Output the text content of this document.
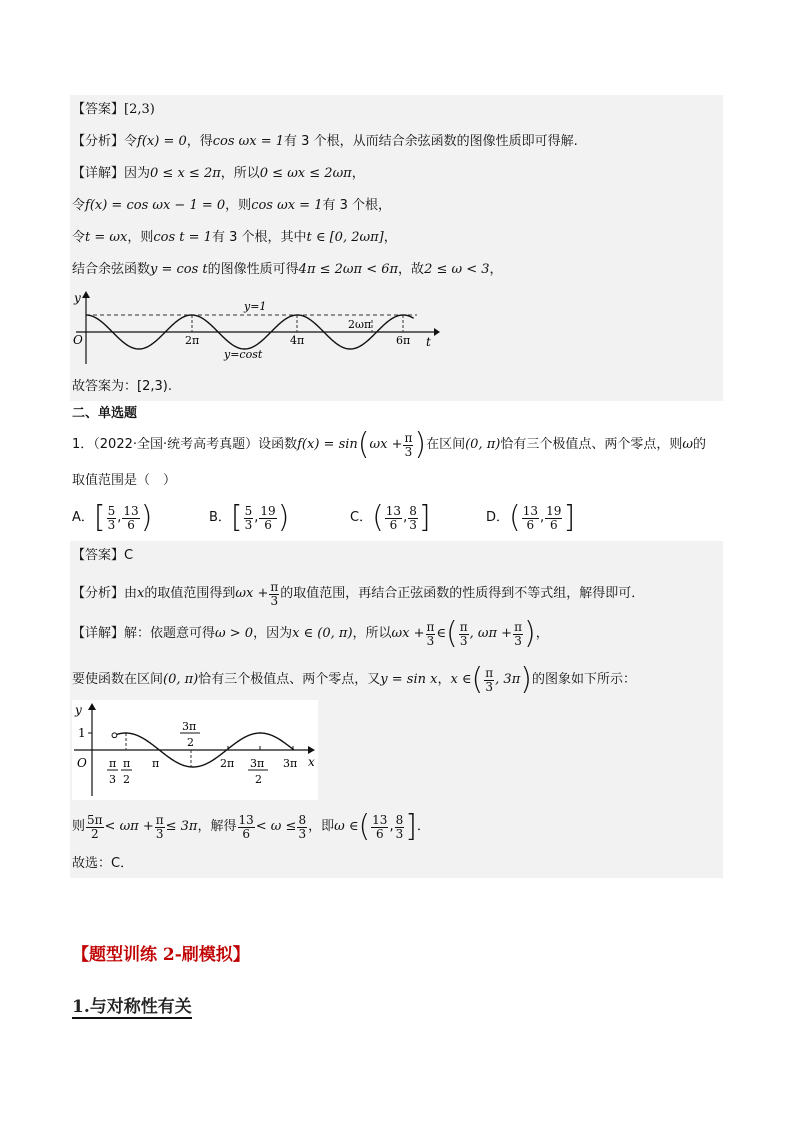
【答案】 [2,3)
【分析】 令 f(x) = 0 ，得 cos ωx = 1 有 3 个根，从而结合余弦函数的图像性质即可得解.
【详解】 因为 0 ≤ x ≤ 2π ，所以 0 ≤ ωx ≤ 2ωπ ，
令 f(x) = cos ωx − 1 = 0 ，则 cos ωx = 1 有 3 个根，
令 t = ωx ，则 cos t = 1 有 3 个根，其中 t ∈ [0, 2ωπ] ，
结合余弦函数 y = cos t 的图像性质可得 4π ≤ 2ωπ < 6π ，故 2 ≤ ω < 3 ，
y
t
O
y=1
2ωπ
2π	4π	6π
y=cost
故答案为：[2,3).
二、单选题
1．（2022·全国·统考高考真题）设函数 f(x) = sin ( $\omega x + \frac{\pi}{3}$ ) 在区间 (0, π) 恰有三个极值点、两个零点，则 ω 的
取值范围是（　）
A． [ $\frac{5}{3}$ , $\frac{13}{6}$ )	B． [ $\frac{5}{3}$ , $\frac{19}{6}$ )	C． ( $\frac{13}{6}$ , $\frac{8}{3}$ ]	D． ( $\frac{13}{6}$ , $\frac{19}{6}$ ]
【答案】 C
【分析】 由 x 的取值范围得到 $\omega x + \frac{\pi}{3}$ 的取值范围，再结合正弦函数的性质得到不等式组，解得即可．
【详解】 解：依题意可得 ω > 0 ，因为 x ∈ (0, π) ，所以 $\omega x + \frac{\pi}{3}$ ∈ ( $\frac{\pi}{3}$ , $\omega\pi + \frac{\pi}{3}$ ) ，
要使函数在区间 (0, π) 恰有三个极值点、两个零点，又 y = sin x ， x ∈ ( $\frac{\pi}{3}$ , 3π ) 的图象如下所示：
y
x
O
1
π
3
π
2
π
3π
2
2π 3π
2
3π
则 $\frac{5\pi}{2} < \omega\pi + \frac{\pi}{3} \le 3\pi$ ，解得 $\frac{13}{6} < \omega \le \frac{8}{3}$ ，即 ω ∈ ( $\frac{13}{6}$ , $\frac{8}{3}$ ] ．
故选：C．
【题型训练 2-刷模拟】
1.与对称性有关
